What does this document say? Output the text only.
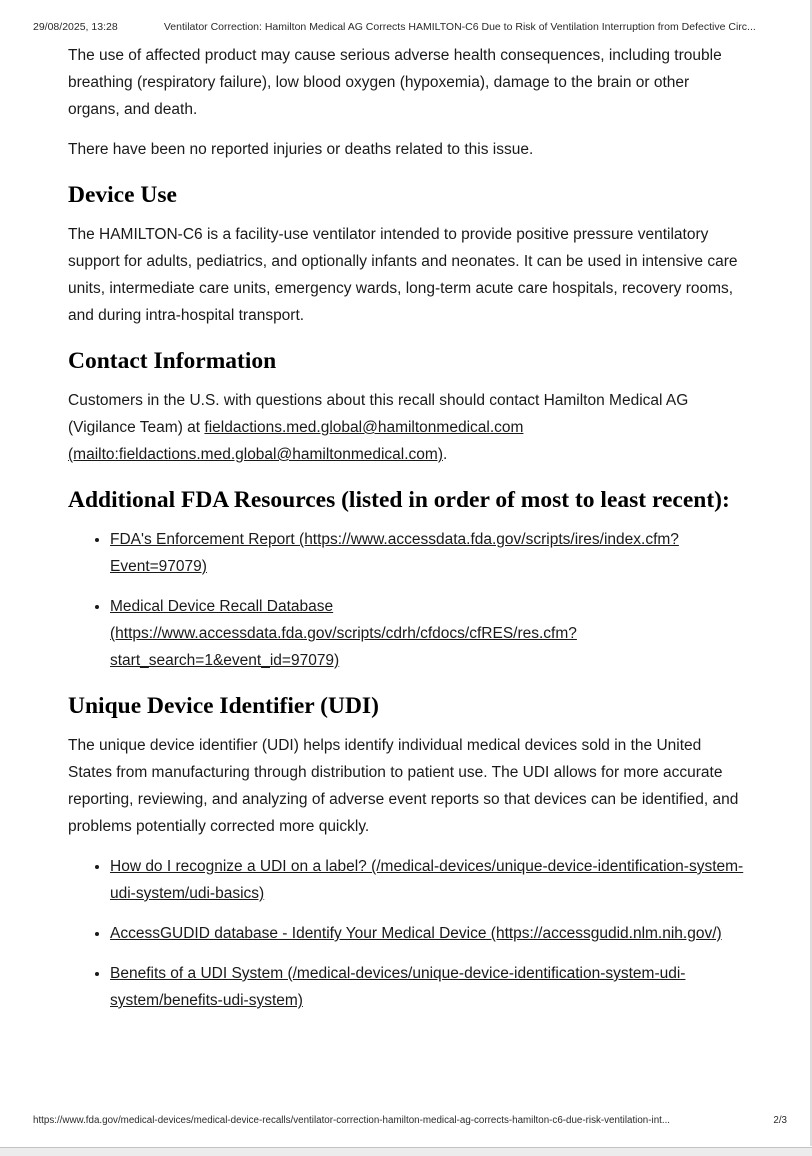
29/08/2025, 13:28	Ventilator Correction: Hamilton Medical AG Corrects HAMILTON-C6 Due to Risk of Ventilation Interruption from Defective Circ...

The use of affected product may cause serious adverse health consequences, including trouble breathing (respiratory failure), low blood oxygen (hypoxemia), damage to the brain or other organs, and death.

There have been no reported injuries or deaths related to this issue.

Device Use

The HAMILTON-C6 is a facility-use ventilator intended to provide positive pressure ventilatory support for adults, pediatrics, and optionally infants and neonates. It can be used in intensive care units, intermediate care units, emergency wards, long-term acute care hospitals, recovery rooms, and during intra-hospital transport.

Contact Information

Customers in the U.S. with questions about this recall should contact Hamilton Medical AG (Vigilance Team) at fieldactions.med.global@hamiltonmedical.com (mailto:fieldactions.med.global@hamiltonmedical.com).

Additional FDA Resources (listed in order of most to least recent):
• FDA's Enforcement Report (https://www.accessdata.fda.gov/scripts/ires/index.cfm?Event=97079)
• Medical Device Recall Database (https://www.accessdata.fda.gov/scripts/cdrh/cfdocs/cfRES/res.cfm?start_search=1&event_id=97079)
Unique Device Identifier (UDI)

The unique device identifier (UDI) helps identify individual medical devices sold in the United States from manufacturing through distribution to patient use. The UDI allows for more accurate reporting, reviewing, and analyzing of adverse event reports so that devices can be identified, and problems potentially corrected more quickly.

• How do I recognize a UDI on a label? (/medical-devices/unique-device-identification-system-udi-system/udi-basics)
• AccessGUDID database - Identify Your Medical Device (https://accessgudid.nlm.nih.gov/)
• Benefits of a UDI System (/medical-devices/unique-device-identification-system-udi-system/benefits-udi-system)
https://www.fda.gov/medical-devices/medical-device-recalls/ventilator-correction-hamilton-medical-ag-corrects-hamilton-c6-due-risk-ventilation-int...	2/3
